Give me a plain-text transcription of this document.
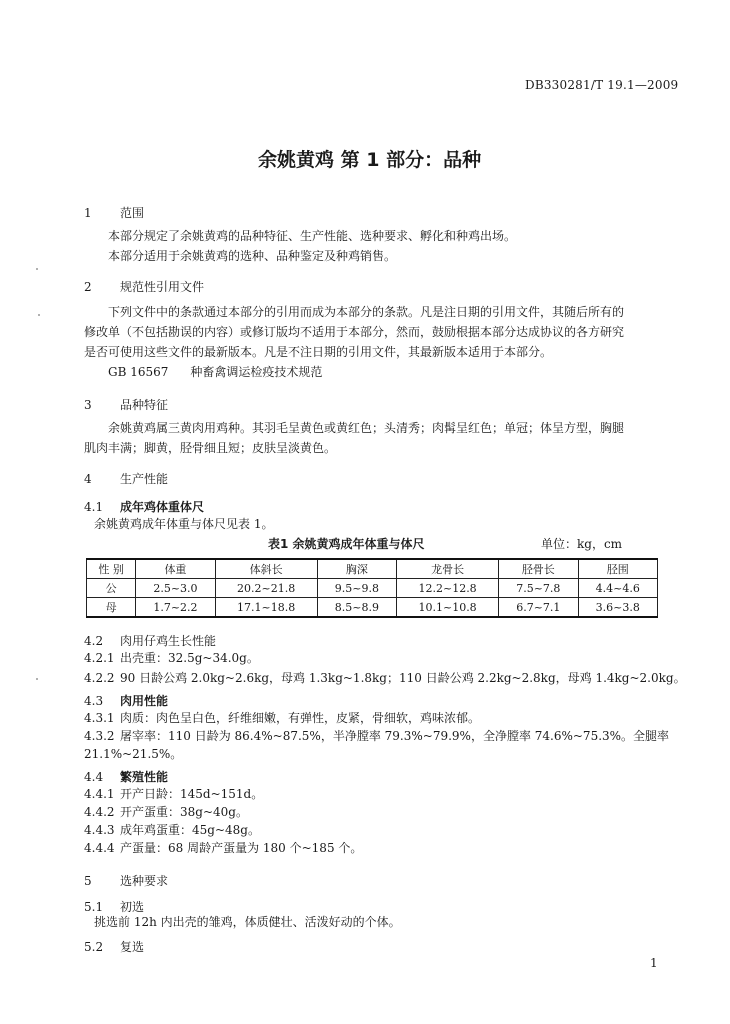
DB330281/T 19.1—2009
余姚黄鸡 第 1 部分：品种
1 范围
本部分规定了余姚黄鸡的品种特征、生产性能、选种要求、孵化和种鸡出场。
本部分适用于余姚黄鸡的选种、品种鉴定及种鸡销售。
2 规范性引用文件
下列文件中的条款通过本部分的引用而成为本部分的条款。凡是注日期的引用文件，其随后所有的
修改单（不包括勘误的内容）或修订版均不适用于本部分，然而，鼓励根据本部分达成协议的各方研究
是否可使用这些文件的最新版本。凡是不注日期的引用文件，其最新版本适用于本部分。
GB 16567 种畜禽调运检疫技术规范
3 品种特征
余姚黄鸡属三黄肉用鸡种。其羽毛呈黄色或黄红色；头清秀；肉髯呈红色；单冠；体呈方型，胸腿
肌肉丰满；脚黄，胫骨细且短；皮肤呈淡黄色。
4 生产性能
4.1 成年鸡体重体尺
余姚黄鸡成年体重与体尺见表 1。
表1 余姚黄鸡成年体重与体尺	单位：kg，cm
性 别	体重	体斜长	胸深	龙骨长	胫骨长	胫围
公	2.5~3.0	20.2~21.8	9.5~9.8	12.2~12.8	7.5~7.8	4.4~4.6
母	1.7~2.2	17.1~18.8	8.5~8.9	10.1~10.8	6.7~7.1	3.6~3.8
4.2 肉用仔鸡生长性能
4.2.1 出壳重：32.5g~34.0g。
4.2.2 90 日龄公鸡 2.0kg~2.6kg，母鸡 1.3kg~1.8kg；110 日龄公鸡 2.2kg~2.8kg，母鸡 1.4kg~2.0kg。
4.3 肉用性能
4.3.1 肉质：肉色呈白色，纤维细嫩，有弹性，皮紧，骨细软，鸡味浓郁。
4.3.2 屠宰率：110 日龄为 86.4%~87.5%，半净膛率 79.3%~79.9%，全净膛率 74.6%~75.3%。全腿率
21.1%~21.5%。
4.4 繁殖性能
4.4.1 开产日龄：145d~151d。
4.4.2 开产蛋重：38g~40g。
4.4.3 成年鸡蛋重：45g~48g。
4.4.4 产蛋量：68 周龄产蛋量为 180 个~185 个。
5 选种要求
5.1 初选
挑选前 12h 内出壳的雏鸡，体质健壮、活泼好动的个体。
5.2 复选
1
